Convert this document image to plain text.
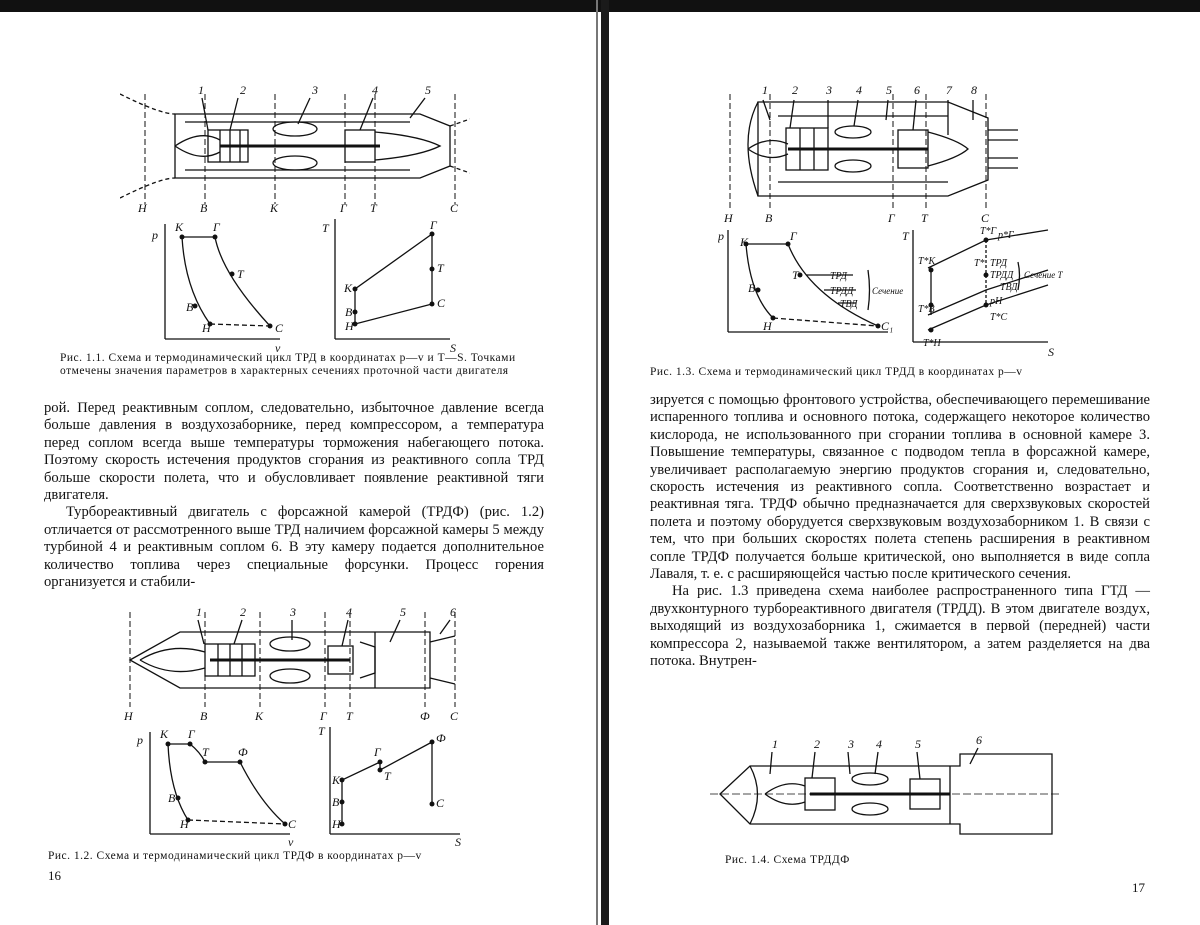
1	2	3	4	5
Н	В	К	Г Т	С
p
v
К	Г
Т
В
Н	С
T
S
Г
Т
К
С
В
Н
Рис. 1.1. Схема и термодинамический цикл ТРД в координатах p—v и T—S. Точками отмечены значения параметров в характерных сечениях проточной части двигателя

рой. Перед реактивным соплом, следовательно, избыточное давление всегда больше давления в воздухозаборнике, перед компрессором, а температура перед соплом всегда выше температуры торможения набегающего потока. Поэтому скорость истечения продуктов сгорания из реактивного сопла ТРД больше скорости полета, что и обусловливает появление реактивной тяги двигателя.

Турбореактивный двигатель с форсажной камерой (ТРДФ) (рис. 1.2) отличается от рассмотренного выше ТРД наличием форсажной камеры 5 между турбиной 4 и реактивным соплом 6. В эту камеру подается дополнительное количество топлива через специальные форсунки. Процесс горения организуется и стабили-

1	2	3	4	5	6
Н	В	К	Г Т	Ф С
p
v
К Г
Т Ф
В
Н	С
T
S
Ф
Г
Т
С
К
В
Н
Рис. 1.2. Схема и термодинамический цикл ТРДФ в координатах p—v
16
1 2 3 4 5 6 7 8
Н	В	Г Т	С
p К	Г
Т
В
Н	С₁
ТРД
ТРДД
ТВД
Сечение
T	Т*Г p*Г
Т*К	Т*
Т*В
Т*Н
Т*С
pН
ТРД
ТРДД
ТВД
Сечение Т
S
Рис. 1.3. Схема и термодинамический цикл ТРДД в координатах p—v

зируется с помощью фронтового устройства, обеспечивающего перемешивание испаренного топлива и основного потока, содержащего некоторое количество кислорода, не использованного при сгорании топлива в основной камере 3. Повышение температуры, связанное с подводом тепла в форсажной камере, увеличивает располагаемую энергию продуктов сгорания и, следовательно, скорость истечения из реактивного сопла. Соответственно возрастает и реактивная тяга. ТРДФ обычно предназначается для сверхзвуковых скоростей полета и поэтому оборудуется сверхзвуковым воздухозаборником 1. В связи с тем, что при больших скоростях полета степень расширения в реактивном сопле ТРДФ получается больше критической, оно выполняется в виде сопла Лаваля, т. е. с расширяющейся частью после критического сечения.

На рис. 1.3 приведена схема наиболее распространенного типа ГТД — двухконтурного турбореактивного двигателя (ТРДД). В этом двигателе воздух, выходящий из воздухозаборника 1, сжимается в первой (передней) части компрессора 2, называемой также вентилятором, а затем разделяется на два потока. Внутрен-

1	2 3 4	5	6
Рис. 1.4. Схема ТРДДФ
17
